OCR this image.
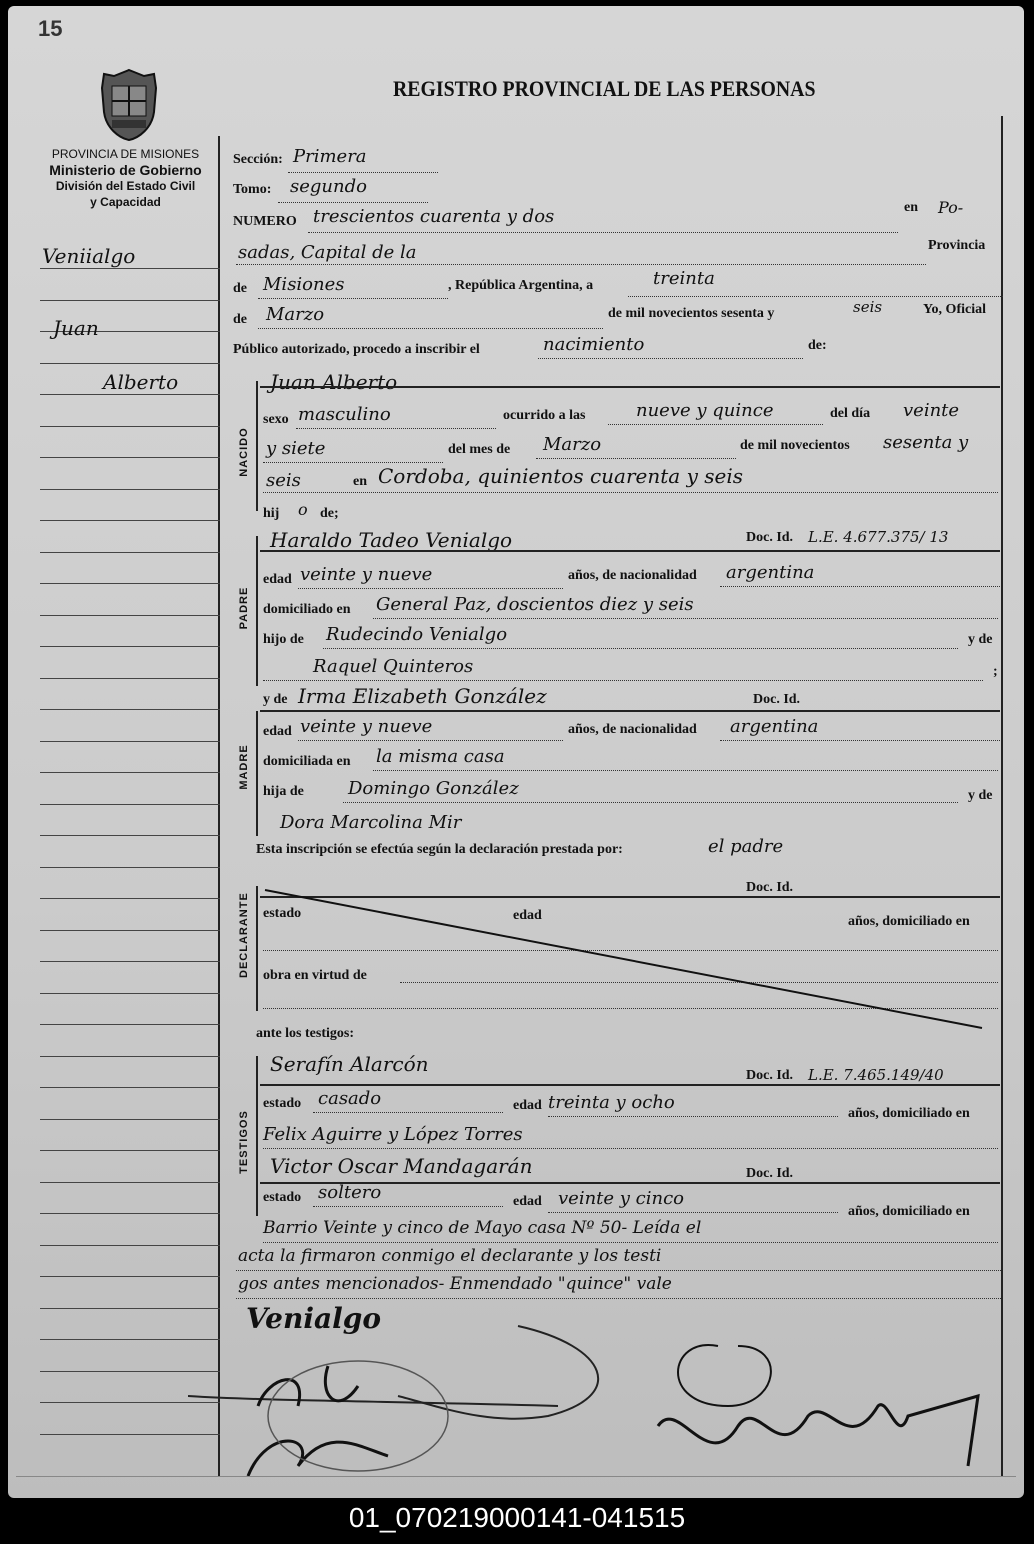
15
REGISTRO PROVINCIAL DE LAS PERSONAS
PROVINCIA DE MISIONES
Ministerio de Gobierno
División del Estado Civil
y Capacidad
Veniialgo
Juan
Alberto
Sección: Primera
Tomo: segundo
NUMERO trescientos cuarenta y dos	en Po-
sadas, Capital de la	Provincia
de Misiones	, República Argentina, a	treinta
de Marzo	de mil novecientos sesenta y	seis	Yo, Oficial
Público autorizado, procedo a inscribir el	nacimiento	de:
NACIDO
Juan Alberto
sexo masculino	ocurrido a las	nueve y quince	del día veinte
y siete	del mes de Marzo	de mil novecientos sesenta y
seis	en Cordoba, quinientos cuarenta y seis
hij o de;
PADRE
Haraldo Tadeo Venialgo	Doc. Id. L.E. 4.677.375/ 13
edad veinte y nueve	años, de nacionalidad argentina
domiciliado en General Paz, doscientos diez y seis
hijo de Rudecindo Venialgo	y de
Raquel Quinteros	;
MADRE
y de Irma Elizabeth González	Doc. Id.
edad veinte y nueve	años, de nacionalidad argentina
domiciliada en la misma casa
hija de Domingo González	y de
Dora Marcolina Mir
Esta inscripción se efectúa según la declaración prestada por:	el padre
DECLARANTE
Doc. Id.
estado	edad	años, domiciliado en
obra en virtud de
ante los testigos:
TESTIGOS
Serafín Alarcón	Doc. Id. L.E. 7.465.149/40
estado casado	edad treinta y ocho
años, domiciliado en
Felix Aguirre y López Torres
Victor Oscar Mandagarán	Doc. Id.
estado soltero	edad veinte y cinco
años, domiciliado en
Barrio Veinte y cinco de Mayo casa Nº 50- Leída el
acta la firmaron conmigo el declarante y los testi
gos antes mencionados- Enmendado "quince" vale
Venialgo
01_070219000141-041515
